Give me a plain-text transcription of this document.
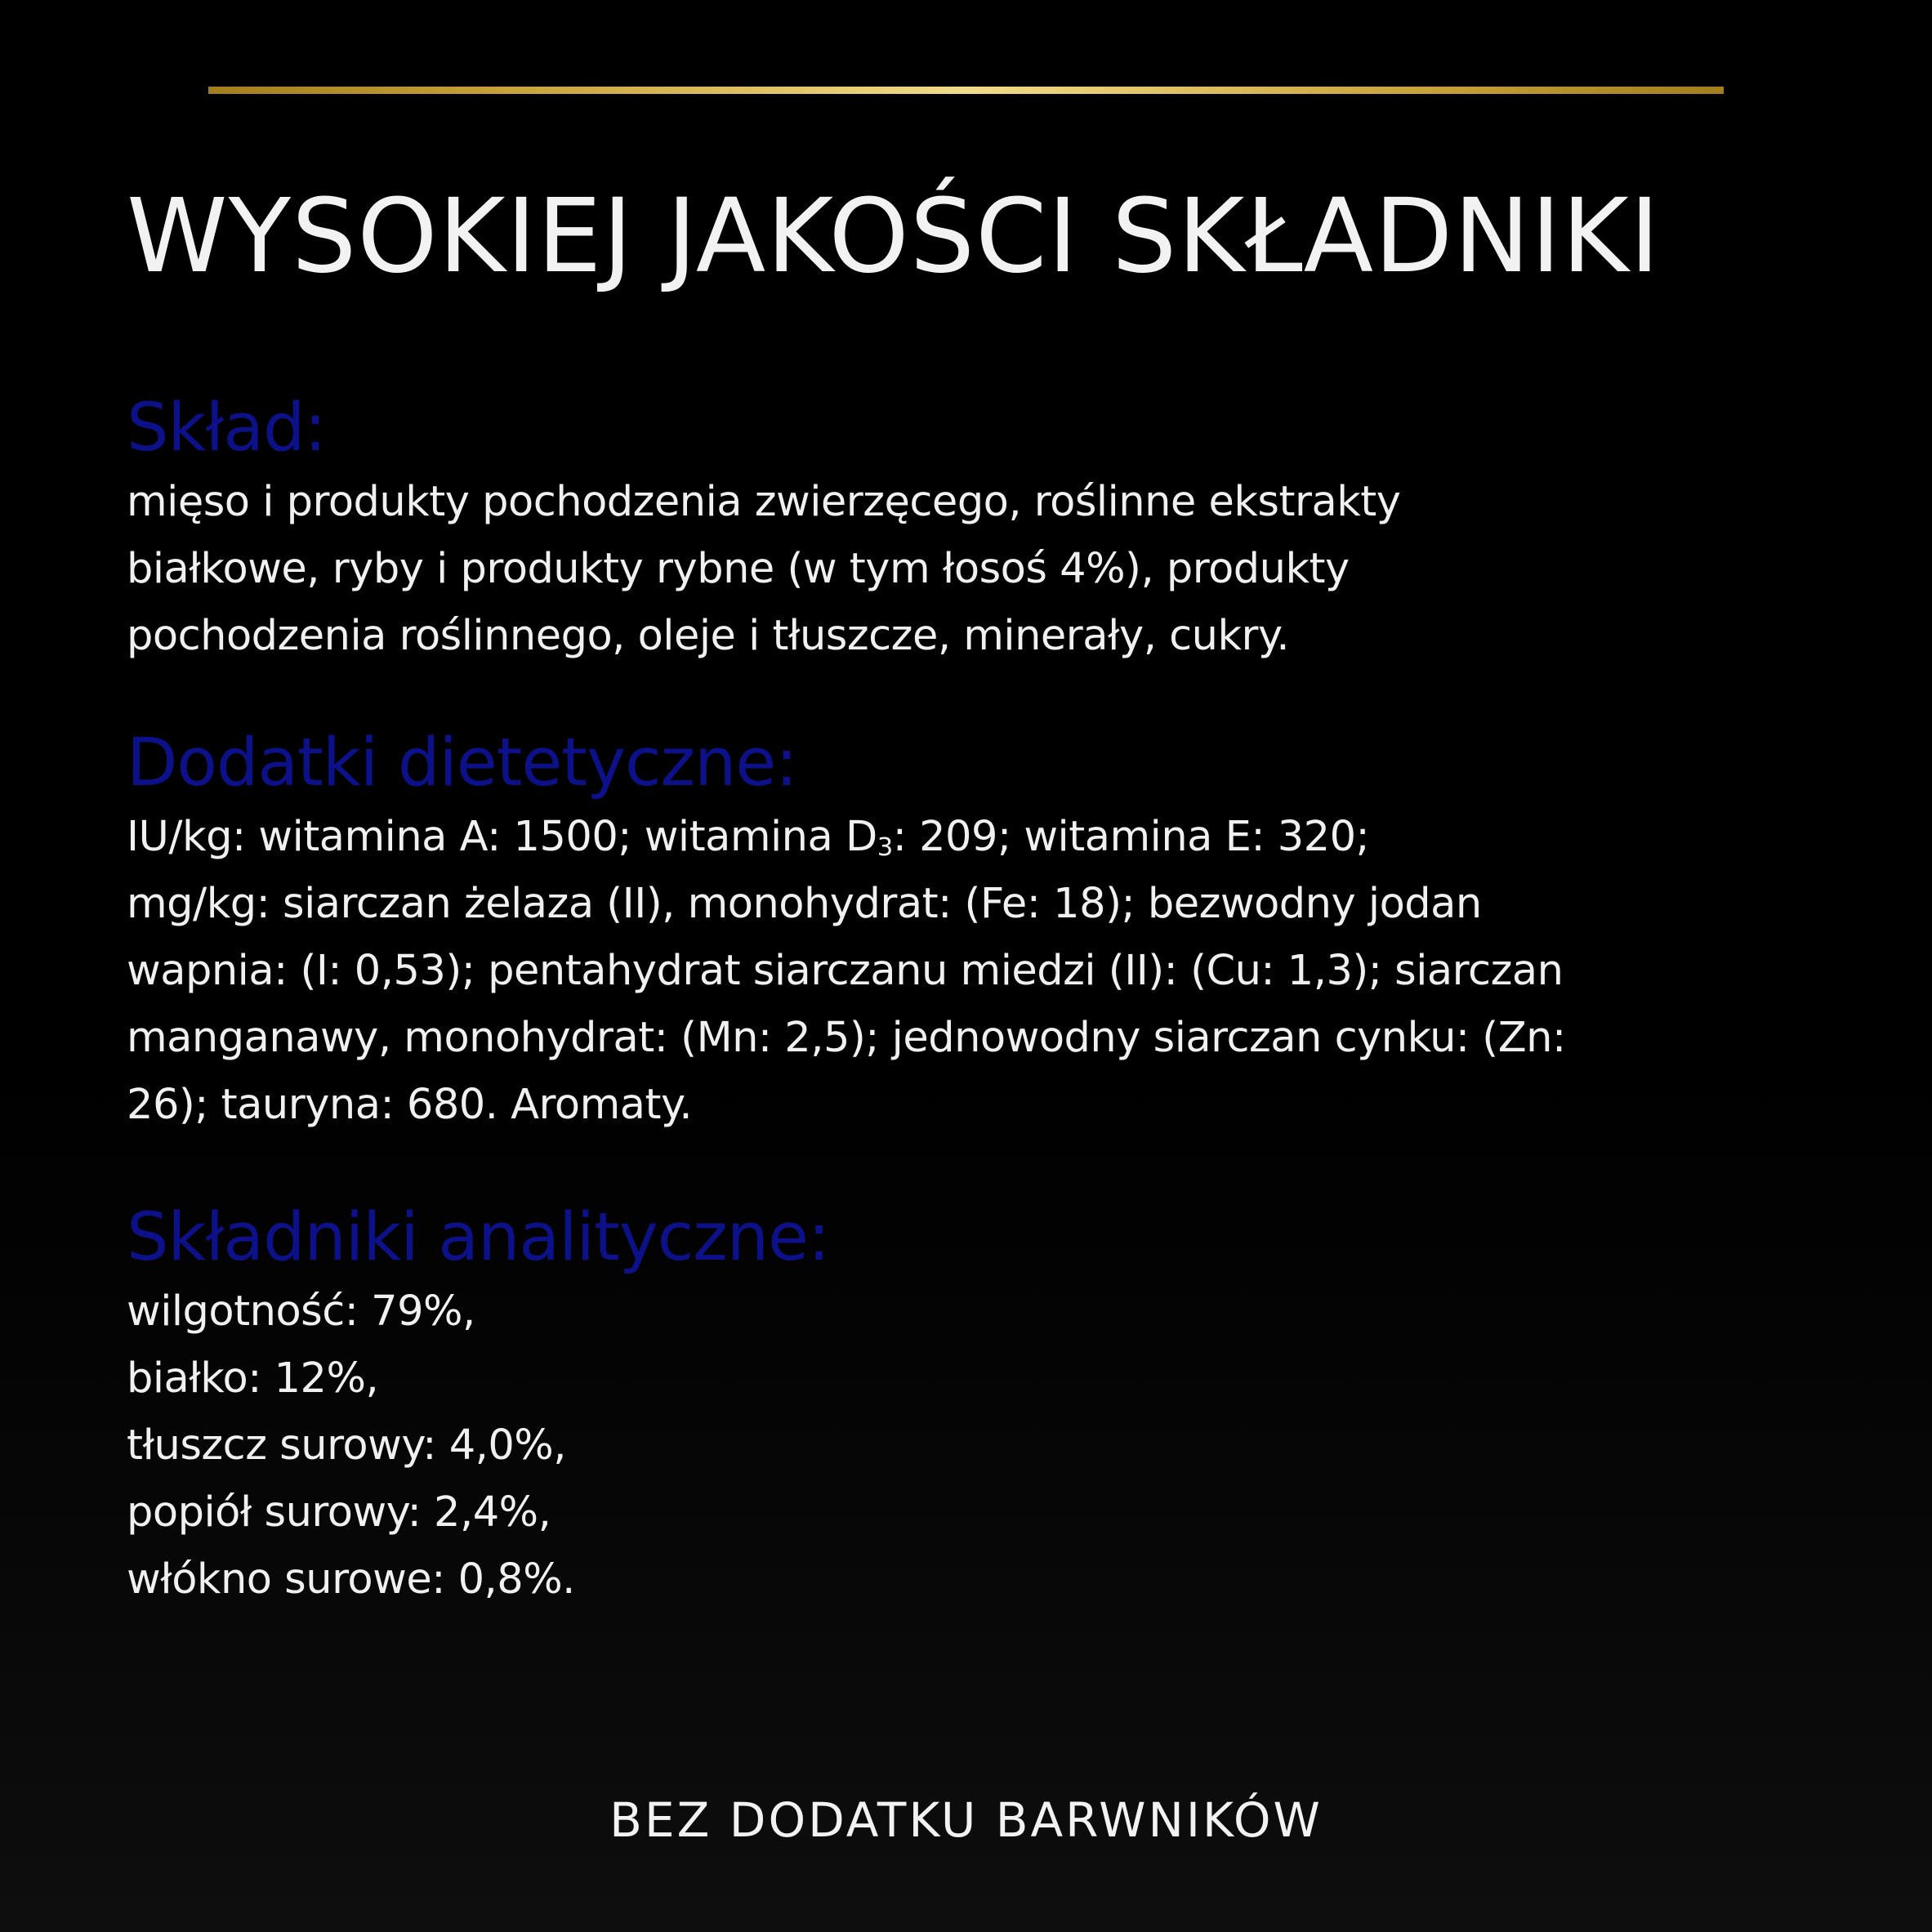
WYSOKIEJ JAKOŚCI SKŁADNIKI
Skład:

mięso i produkty pochodzenia zwierzęcego, roślinne ekstrakty
białkowe, ryby i produkty rybne (w tym łosoś 4%), produkty
pochodzenia roślinnego, oleje i tłuszcze, minerały, cukry.

Dodatki dietetyczne:

IU/kg: witamina A: 1500; witamina $D_3$: 209; witamina E: 320;
mg/kg: siarczan żelaza (II), monohydrat: (Fe: 18); bezwodny jodan
wapnia: (I: 0,53); pentahydrat siarczanu miedzi (II): (Cu: 1,3); siarczan
manganawy, monohydrat: (Mn: 2,5); jednowodny siarczan cynku: (Zn:
26); tauryna: 680. Aromaty.

Składniki analityczne:

wilgotność: 79%,
białko: 12%,
tłuszcz surowy: 4,0%,
popiół surowy: 2,4%,
włókno surowe: 0,8%.

BEZ DODATKU BARWNIKÓW
